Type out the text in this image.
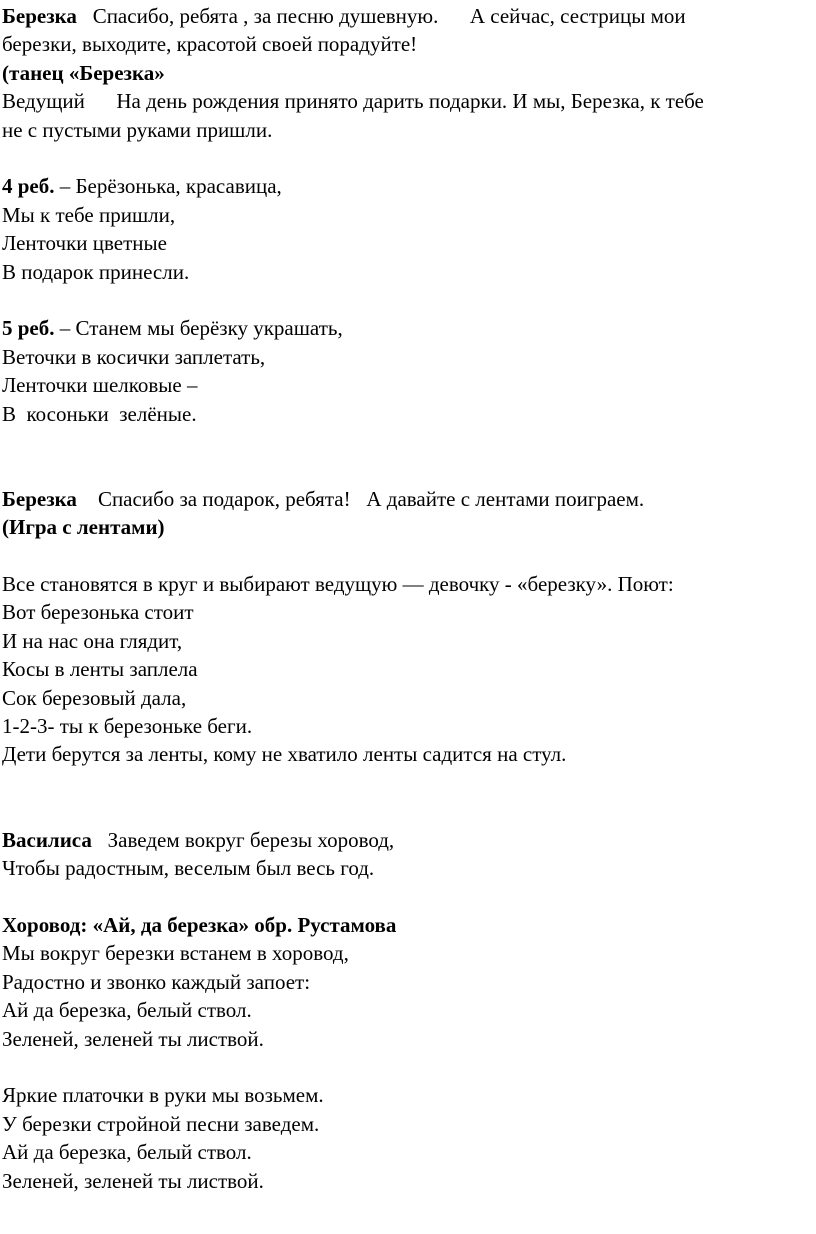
Березка Спасибо, ребята , за песню душевную. А сейчас, сестрицы мои
березки, выходите, красотой своей порадуйте!
(танец «Березка»
Ведущий На день рождения принято дарить подарки. И мы, Березка, к тебе
не с пустыми руками пришли.
4 реб. – Берёзонька, красавица,
Мы к тебе пришли,
Ленточки цветные
В подарок принесли.
5 реб. – Станем мы берёзку украшать,
Веточки в косички заплетать,
Ленточки шелковые –
В  косоньки  зелёные.
Березка Спасибо за подарок, ребята! А давайте с лентами поиграем.
(Игра с лентами)
Все становятся в круг и выбирают ведущую — девочку - «березку». Поют:
Вот березонька стоит
И на нас она глядит,
Косы в ленты заплела
Сок березовый дала,
1-2-3- ты к березоньке беги.
Дети берутся за ленты, кому не хватило ленты садится на стул.
Василиса Заведем вокруг березы хоровод,
Чтобы радостным, веселым был весь год.
Хоровод: «Ай, да березка» обр. Рустамова
Мы вокруг березки встанем в хоровод,
Радостно и звонко каждый запоет:
Ай да березка, белый ствол.
Зеленей, зеленей ты листвой.
Яркие платочки в руки мы возьмем.
У березки стройной песни заведем.
Ай да березка, белый ствол.
Зеленей, зеленей ты листвой.
